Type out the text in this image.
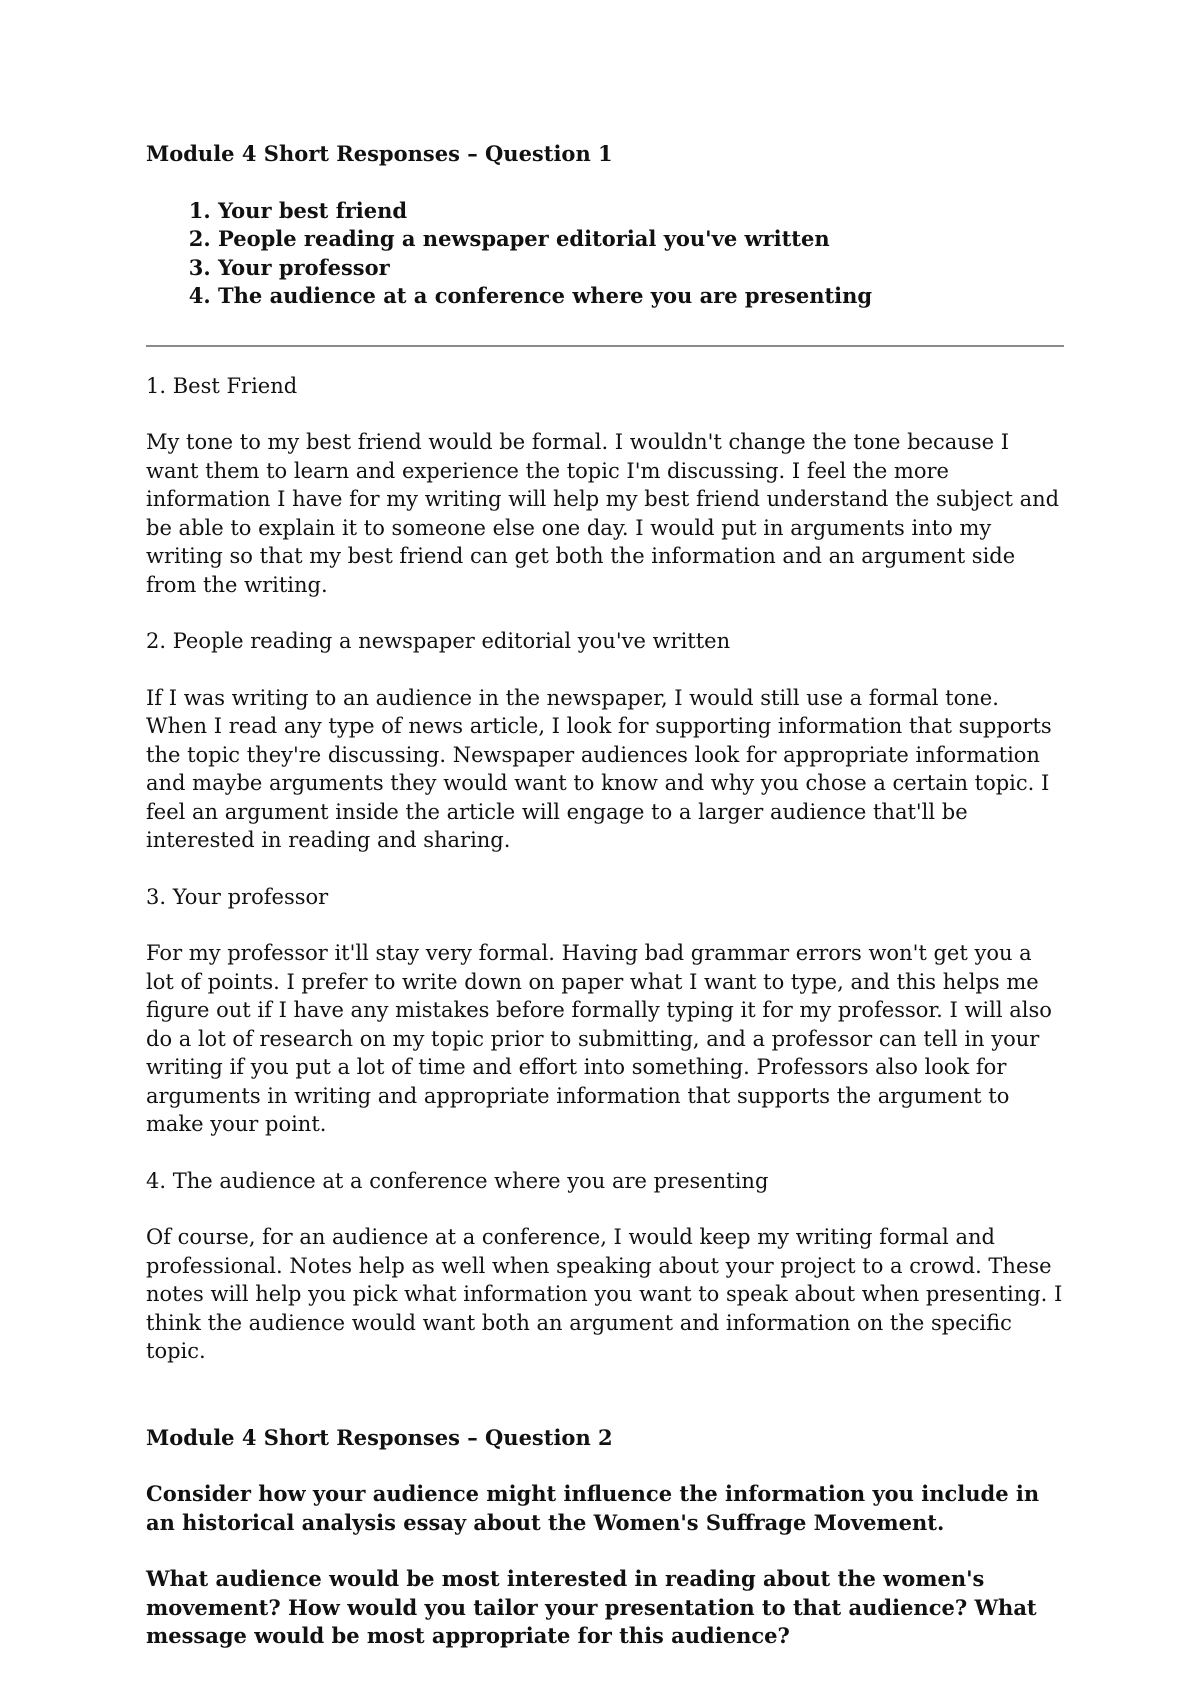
Module 4 Short Responses – Question 1

1. Your best friend
2. People reading a newspaper editorial you've written
3. Your professor
4. The audience at a conference where you are presenting

1. Best Friend

My tone to my best friend would be formal. I wouldn't change the tone because I want them to learn and experience the topic I'm discussing. I feel the more information I have for my writing will help my best friend understand the subject and be able to explain it to someone else one day. I would put in arguments into my writing so that my best friend can get both the information and an argument side from the writing.

2. People reading a newspaper editorial you've written

If I was writing to an audience in the newspaper, I would still use a formal tone. When I read any type of news article, I look for supporting information that supports the topic they're discussing. Newspaper audiences look for appropriate information and maybe arguments they would want to know and why you chose a certain topic. I feel an argument inside the article will engage to a larger audience that'll be interested in reading and sharing.

3. Your professor

For my professor it'll stay very formal. Having bad grammar errors won't get you a lot of points. I prefer to write down on paper what I want to type, and this helps me figure out if I have any mistakes before formally typing it for my professor. I will also do a lot of research on my topic prior to submitting, and a professor can tell in your writing if you put a lot of time and effort into something. Professors also look for arguments in writing and appropriate information that supports the argument to make your point.

4. The audience at a conference where you are presenting

Of course, for an audience at a conference, I would keep my writing formal and professional. Notes help as well when speaking about your project to a crowd. These notes will help you pick what information you want to speak about when presenting. I think the audience would want both an argument and information on the specific topic.

Module 4 Short Responses – Question 2

Consider how your audience might influence the information you include in an historical analysis essay about the Women's Suffrage Movement.

What audience would be most interested in reading about the women's movement? How would you tailor your presentation to that audience? What message would be most appropriate for this audience?
